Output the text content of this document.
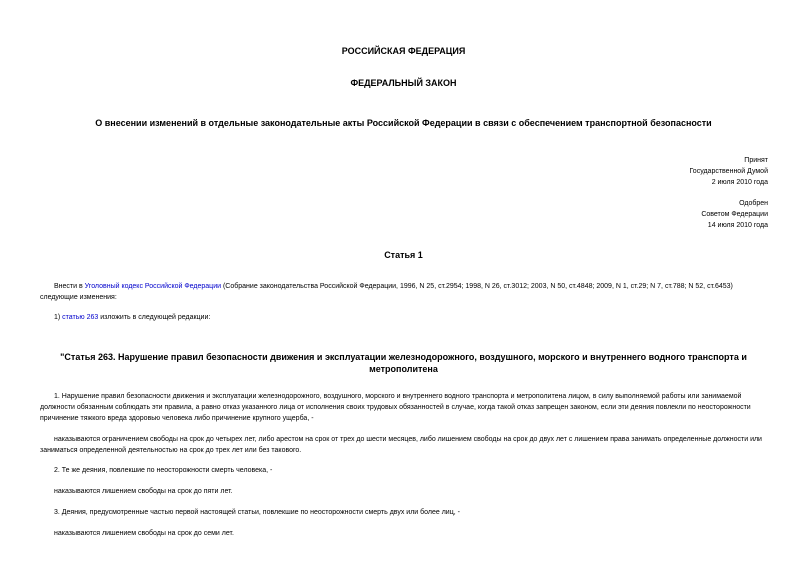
РОССИЙСКАЯ ФЕДЕРАЦИЯ
ФЕДЕРАЛЬНЫЙ ЗАКОН
О внесении изменений в отдельные законодательные акты Российской Федерации в связи с обеспечением транспортной безопасности
Принят
Государственной Думой
2 июля 2010 года
Одобрен
Советом Федерации
14 июля 2010 года
Статья 1
Внести в Уголовный кодекс Российской Федерации (Собрание законодательства Российской Федерации, 1996, N 25, ст.2954; 1998, N 26, ст.3012; 2003, N 50, ст.4848; 2009, N 1, ст.29; N 7, ст.788; N 52, ст.6453) следующие изменения:
1) статью 263 изложить в следующей редакции:
"Статья 263. Нарушение правил безопасности движения и эксплуатации железнодорожного, воздушного, морского и внутреннего водного транспорта и метрополитена
1. Нарушение правил безопасности движения и эксплуатации железнодорожного, воздушного, морского и внутреннего водного транспорта и метрополитена лицом, в силу выполняемой работы или занимаемой должности обязанным соблюдать эти правила, а равно отказ указанного лица от исполнения своих трудовых обязанностей в случае, когда такой отказ запрещен законом, если эти деяния повлекли по неосторожности причинение тяжкого вреда здоровью человека либо причинение крупного ущерба, -
наказываются ограничением свободы на срок до четырех лет, либо арестом на срок от трех до шести месяцев, либо лишением свободы на срок до двух лет с лишением права занимать определенные должности или заниматься определенной деятельностью на срок до трех лет или без такового.
2. Те же деяния, повлекшие по неосторожности смерть человека, -
наказываются лишением свободы на срок до пяти лет.
3. Деяния, предусмотренные частью первой настоящей статьи, повлекшие по неосторожности смерть двух или более лиц, -
наказываются лишением свободы на срок до семи лет.
